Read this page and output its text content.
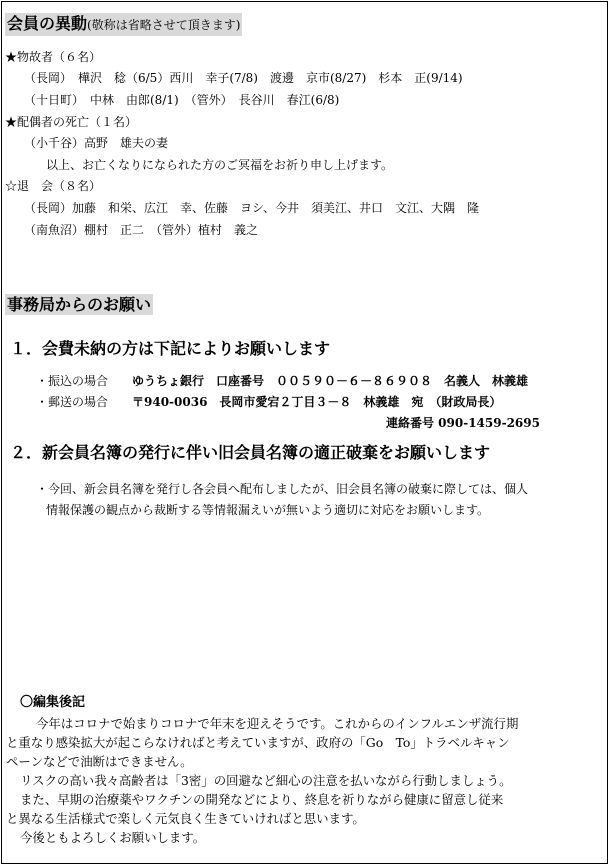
会員の異動(敬称は省略させて頂きます)
★物故者（６名）
（長岡）　樺沢　稔（6/5）西川　幸子(7/8)　渡邊　京市(8/27)　杉本　正(9/14)
（十日町）　中林　由郎(8/1)　（管外）　長谷川　春江(6/8)
★配偶者の死亡（１名）
（小千谷）高野　雄夫の妻
以上、お亡くなりになられた方のご冥福をお祈り申し上げます。
☆退　会（８名）
（長岡）加藤　和栄、広江　幸、佐藤　ヨシ、今井　須美江、井口　文江、大隅　隆
（南魚沼）棚村　正二　（管外）植村　義之
事務局からのお願い
１．会費未納の方は下記によりお願いします
・振込の場合 ゆうちょ銀行　口座番号　００５９０－６－８６９０８　名義人　林義雄
・郵送の場合 〒940-0036　長岡市愛宕２丁目３－８　林義雄　宛　（財政局長）
連絡番号 090-1459-2695
２．新会員名簿の発行に伴い旧会員名簿の適正破棄をお願いします
・今回、新会員名簿を発行し各会員へ配布しましたが、旧会員名簿の破棄に際しては、個人
情報保護の観点から裁断する等情報漏えいが無いよう適切に対応をお願いします。
〇編集後記
今年はコロナで始まりコロナで年末を迎えそうです。これからのインフルエンザ流行期
と重なり感染拡大が起こらなければと考えていますが、政府の「Go　To」トラベルキャン
ペーンなどで油断はできません。
リスクの高い我々高齢者は「3密」の回避など細心の注意を払いながら行動しましょう。
また、早期の治療薬やワクチンの開発などにより、終息を祈りながら健康に留意し従来
と異なる生活様式で楽しく元気良く生きていければと思います。
今後ともよろしくお願いします。
